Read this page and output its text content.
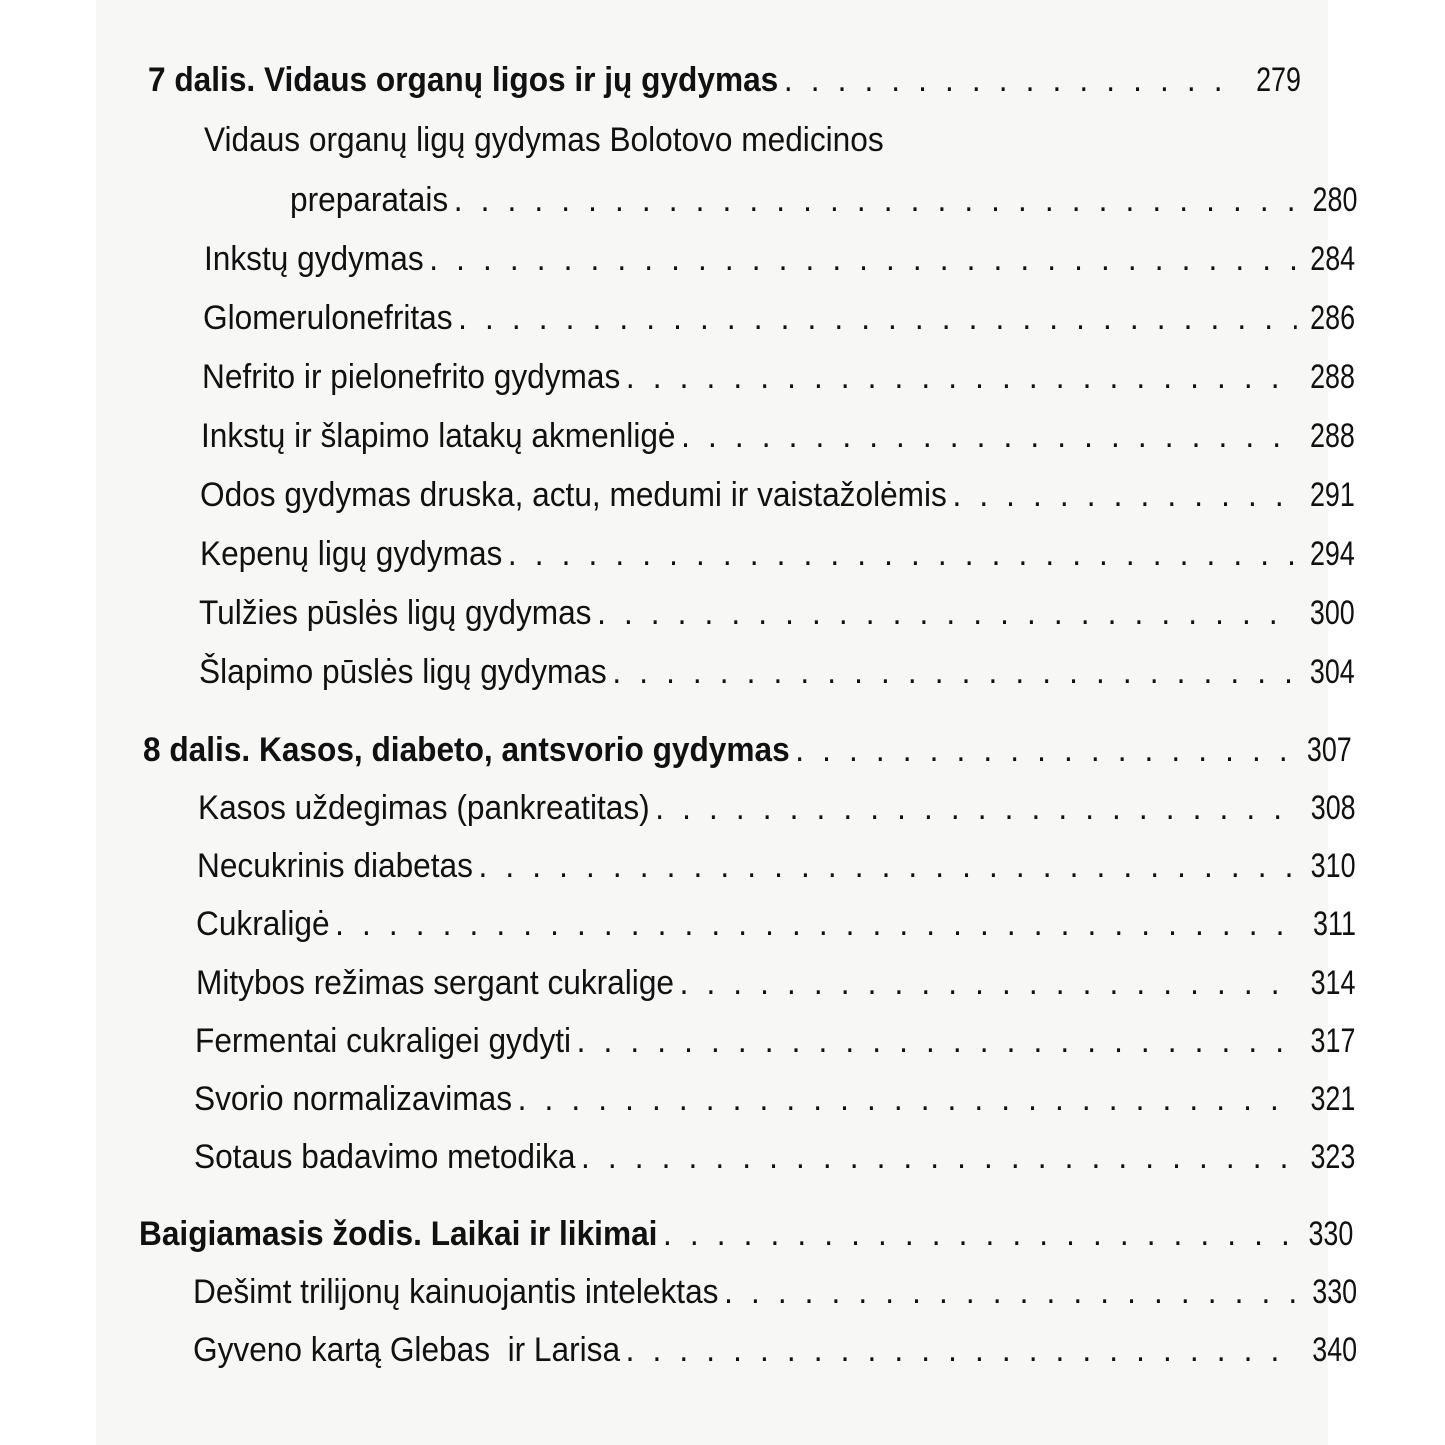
7 dalis. Vidaus organų ligos ir jų gydymas . . .	279
Vidaus organų ligų gydymas Bolotovo medicinos
preparatais . . .	280
Inkstų gydymas . . .	284
Glomerulonefritas . . .	286
Nefrito ir pielonefrito gydymas . . .	288
Inkstų ir šlapimo latakų akmenligė . . .	288
Odos gydymas druska, actu, medumi ir vaistažolėmis . . .	291
Kepenų ligų gydymas . . .	294
Tulžies pūslės ligų gydymas . . .	300
Šlapimo pūslės ligų gydymas . . .	304
8 dalis. Kasos, diabeto, antsvorio gydymas . . .	307
Kasos uždegimas (pankreatitas) . . .	308
Necukrinis diabetas . . .	310
Cukraligė . . .	311
Mitybos režimas sergant cukralige . . .	314
Fermentai cukraligei gydyti . . .	317
Svorio normalizavimas . . .	321
Sotaus badavimo metodika . . .	323
Baigiamasis žodis. Laikai ir likimai . . .	330
Dešimt trilijonų kainuojantis intelektas . . .	330
Gyveno kartą Glebas  ir Larisa . . .	340
